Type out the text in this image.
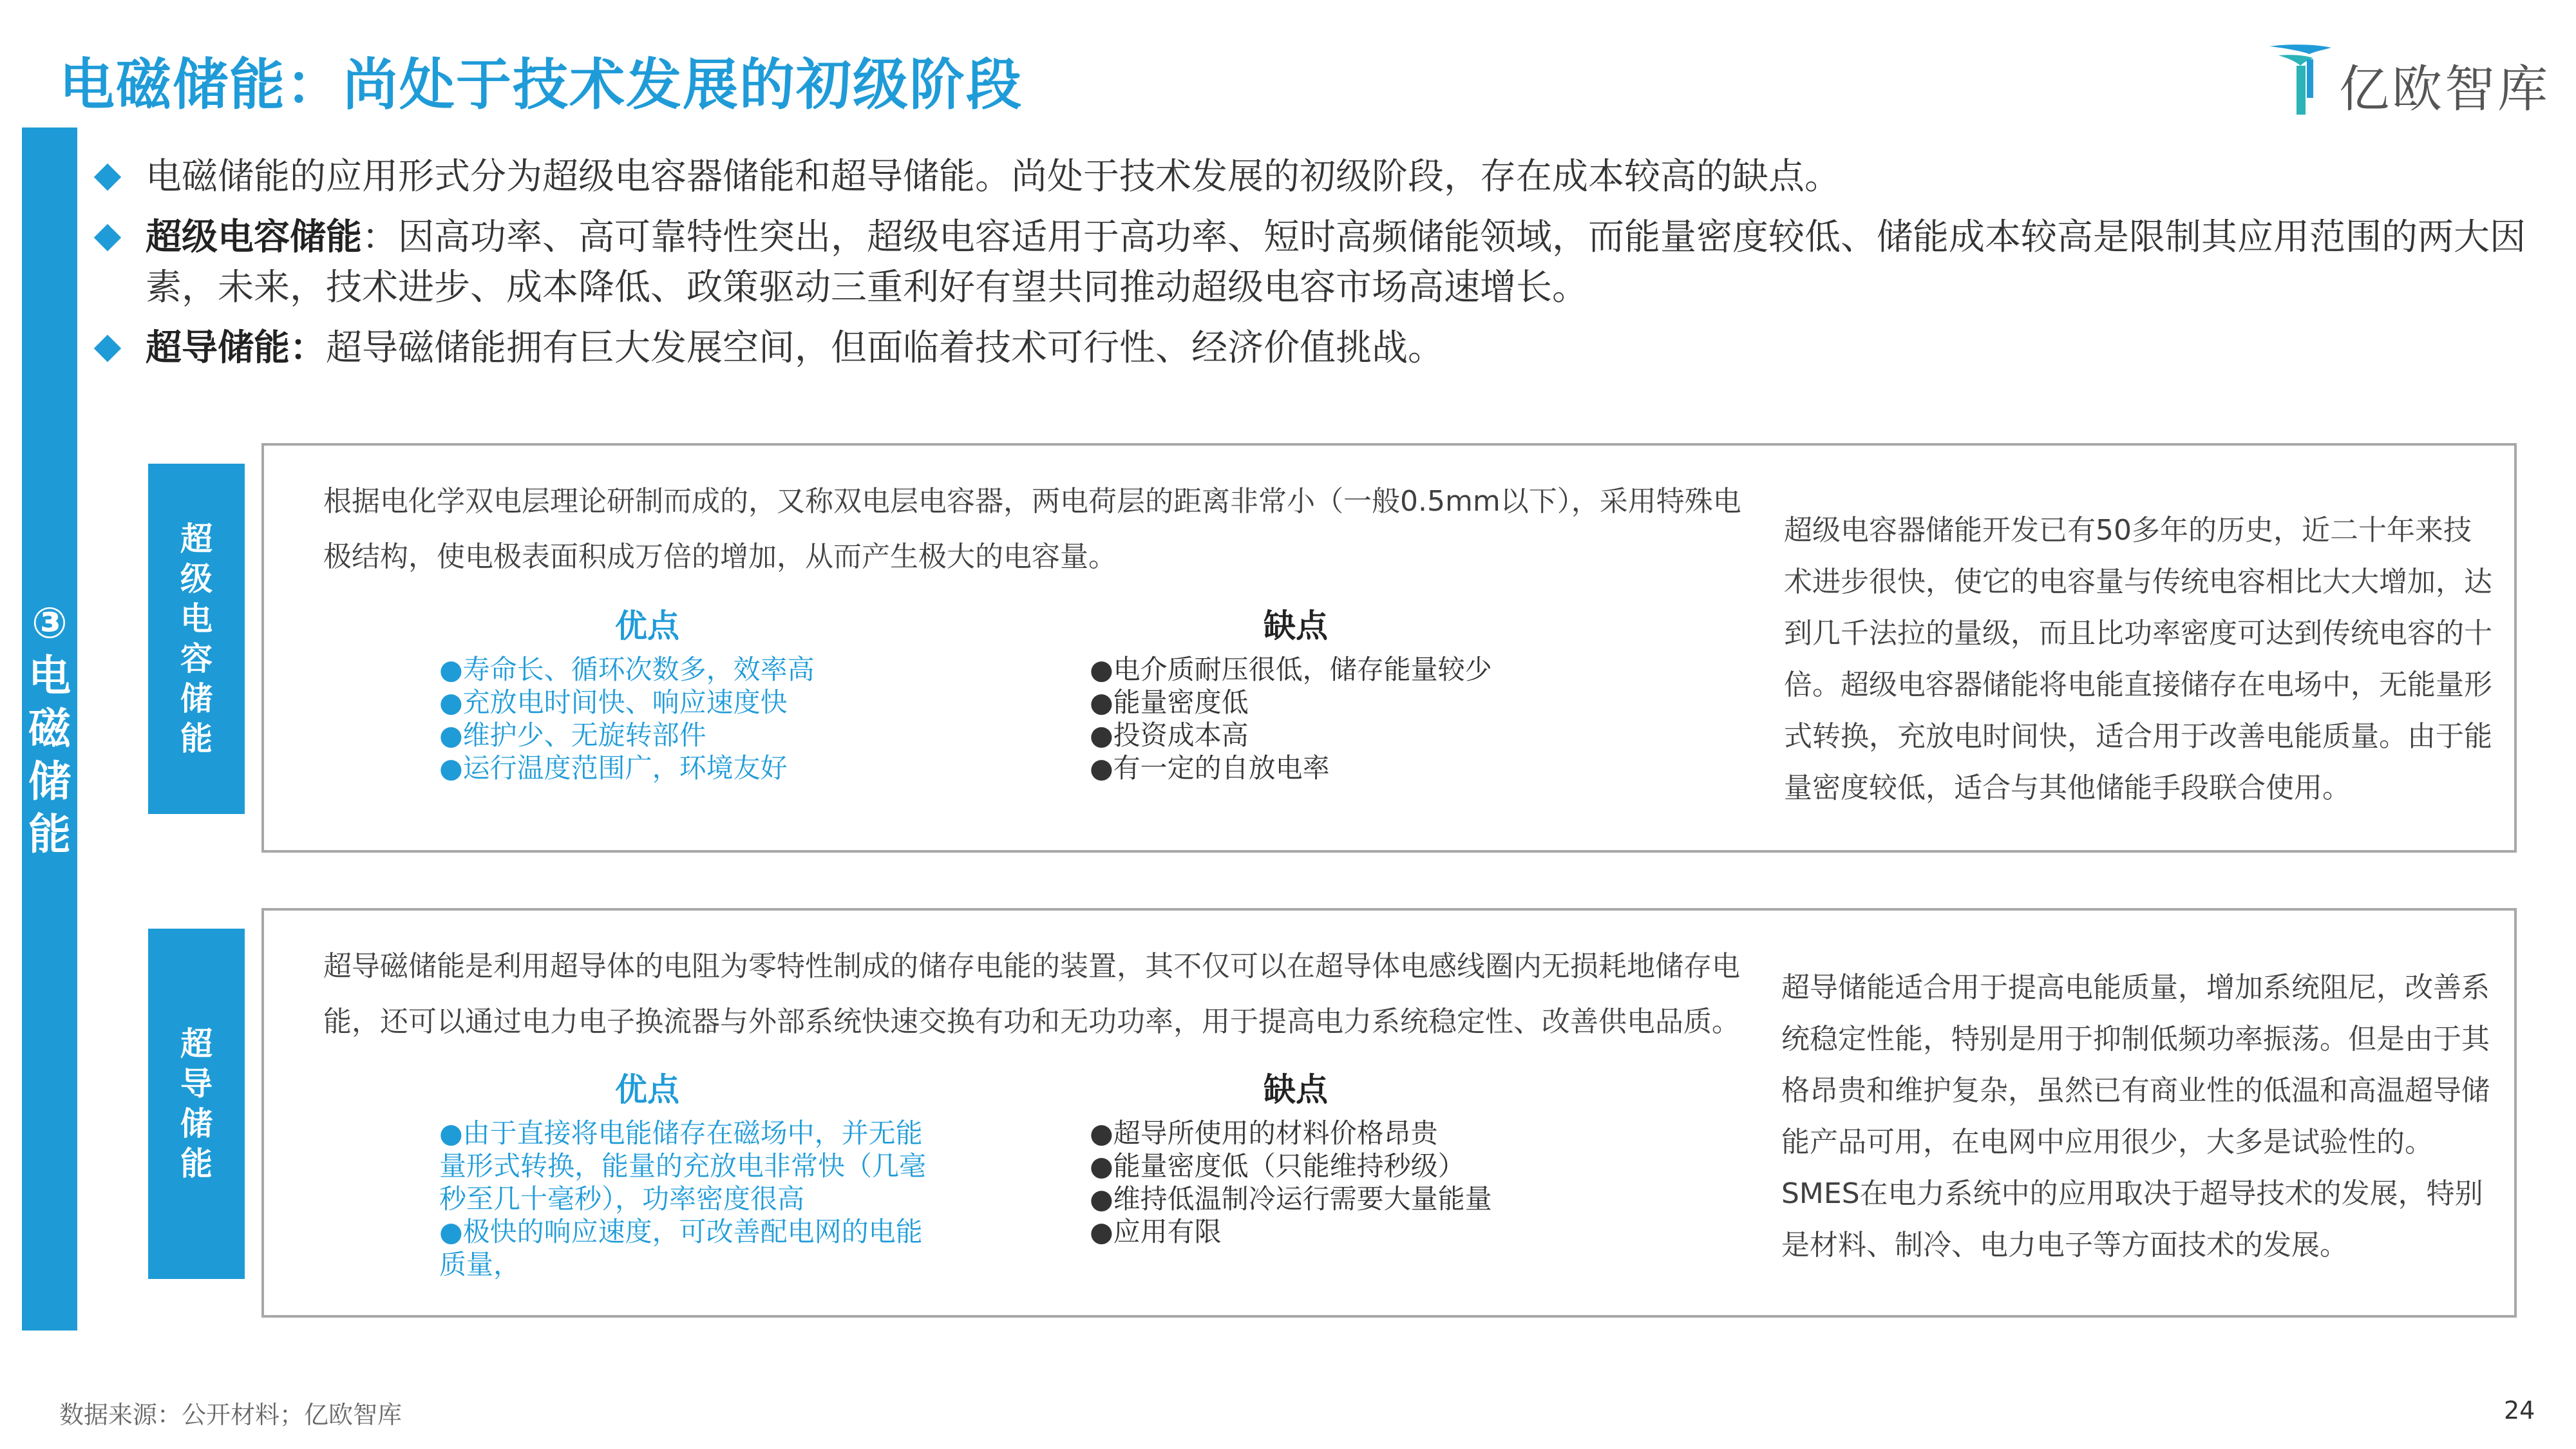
电磁储能：尚处于技术发展的初级阶段	亿欧智库
③电磁储能
电磁储能的应用形式分为超级电容器储能和超导储能。尚处于技术发展的初级阶段，存在成本较高的缺点。
超级电容储能：因高功率、高可靠特性突出，超级电容适用于高功率、短时高频储能领域，而能量密度较低、储能成本较高是限制其应用范围的两大因素，未来，技术进步、成本降低、政策驱动三重利好有望共同推动超级电容市场高速增长。
超导储能：超导磁储能拥有巨大发展空间，但面临着技术可行性、经济价值挑战。
超级电容储能
根据电化学双电层理论研制而成的，又称双电层电容器，两电荷层的距离非常小（一般0.5mm以下），采用特殊电极结构，使电极表面积成万倍的增加，从而产生极大的电容量。
优点	缺点
●寿命长、循环次数多，效率高
●充放电时间快、响应速度快
●维护少、无旋转部件
●运行温度范围广，环境友好
●电介质耐压很低，储存能量较少
●能量密度低
●投资成本高
●有一定的自放电率
超级电容器储能开发已有50多年的历史，近二十年来技术进步很快，使它的电容量与传统电容相比大大增加，达到几千法拉的量级，而且比功率密度可达到传统电容的十倍。超级电容器储能将电能直接储存在电场中，无能量形式转换，充放电时间快，适合用于改善电能质量。由于能量密度较低，适合与其他储能手段联合使用。
超导储能
超导磁储能是利用超导体的电阻为零特性制成的储存电能的装置，其不仅可以在超导体电感线圈内无损耗地储存电能，还可以通过电力电子换流器与外部系统快速交换有功和无功功率，用于提高电力系统稳定性、改善供电品质。
优点	缺点
●由于直接将电能储存在磁场中，并无能量形式转换，能量的充放电非常快（几毫秒至几十毫秒），功率密度很高
●极快的响应速度，可改善配电网的电能质量，
●超导所使用的材料价格昂贵
●能量密度低（只能维持秒级）
●维持低温制冷运行需要大量能量
●应用有限
超导储能适合用于提高电能质量，增加系统阻尼，改善系统稳定性能，特别是用于抑制低频功率振荡。但是由于其格昂贵和维护复杂，虽然已有商业性的低温和高温超导储能产品可用，在电网中应用很少，大多是试验性的。SMES在电力系统中的应用取决于超导技术的发展，特别是材料、制冷、电力电子等方面技术的发展。
数据来源：公开材料；亿欧智库	24
